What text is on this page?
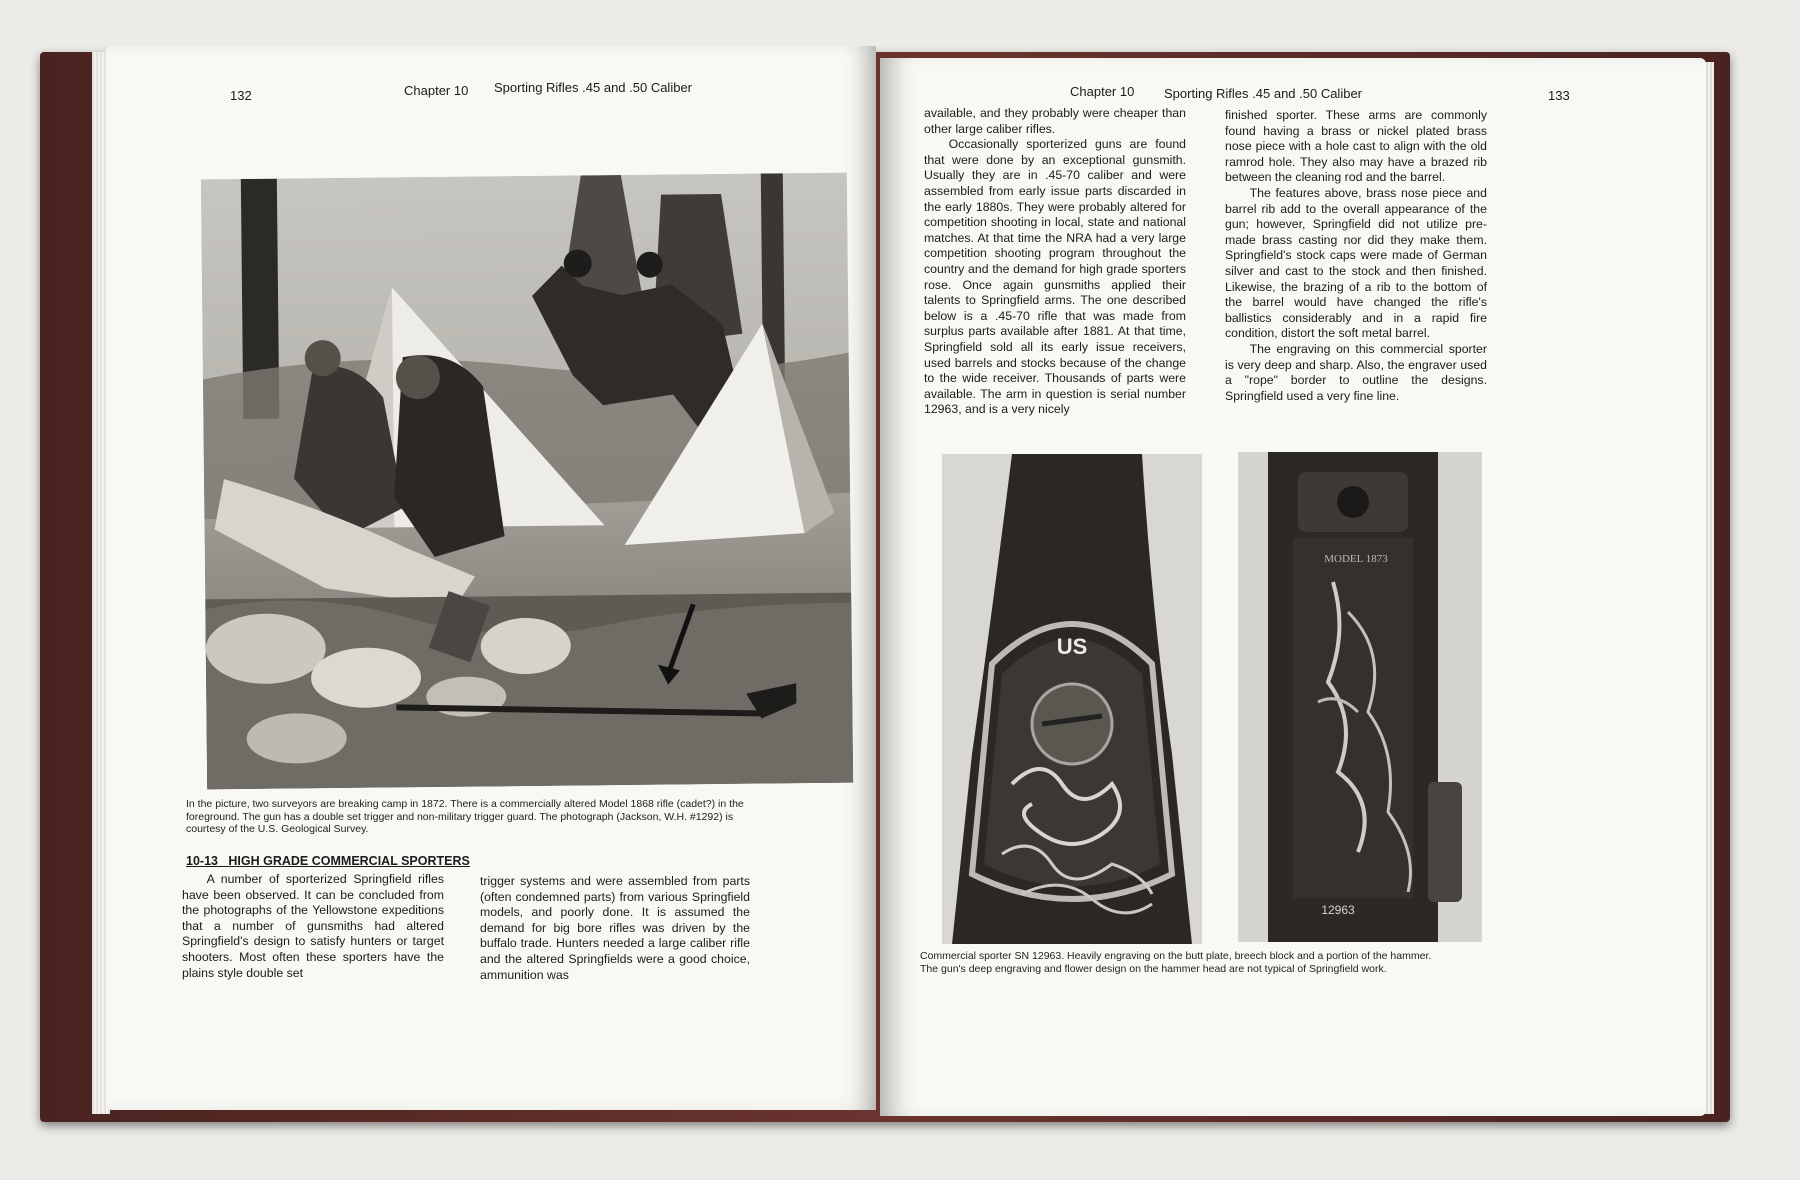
132	Chapter 10 Sporting Rifles .45 and .50 Caliber
In the picture, two surveyors are breaking camp in 1872. There is a commercially altered Model 1868 rifle (cadet?) in the
foreground. The gun has a double set trigger and non-military trigger guard. The photograph (Jackson, W.H. #1292) is
courtesy of the U.S. Geological Survey.
10-13 HIGH GRADE COMMERCIAL SPORTERS

A number of sporterized Springfield rifles have been observed. It can be concluded from the photographs of the Yellowstone expeditions that a number of gunsmiths had altered Springfield's design to satisfy hunters or target shooters. Most often these sporters have the plains style double set

trigger systems and were assembled from parts (often condemned parts) from various Springfield models, and poorly done. It is assumed the demand for big bore rifles was driven by the buffalo trade. Hunters needed a large caliber rifle and the altered Springfields were a good choice, ammunition was

Chapter 10 Sporting Rifles .45 and .50 Caliber	133

available, and they probably were cheaper than other large caliber rifles.

Occasionally sporterized guns are found that were done by an exceptional gunsmith. Usually they are in .45-70 caliber and were assembled from early issue parts discarded in the early 1880s. They were probably altered for competition shooting in local, state and national matches. At that time the NRA had a very large competition shooting program throughout the country and the demand for high grade sporters rose. Once again gunsmiths applied their talents to Springfield arms. The one described below is a .45-70 rifle that was made from surplus parts available after 1881. At that time, Springfield sold all its early issue receivers, used barrels and stocks because of the change to the wide receiver. Thousands of parts were available. The arm in question is serial number 12963, and is a very nicely

finished sporter. These arms are commonly found having a brass or nickel plated brass nose piece with a hole cast to align with the old ramrod hole. They also may have a brazed rib between the cleaning rod and the barrel.

The features above, brass nose piece and barrel rib add to the overall appearance of the gun; however, Springfield did not utilize pre-made brass casting nor did they make them. Springfield's stock caps were made of German silver and cast to the stock and then finished. Likewise, the brazing of a rib to the bottom of the barrel would have changed the rifle's ballistics considerably and in a rapid fire condition, distort the soft metal barrel.

The engraving on this commercial sporter is very deep and sharp. Also, the engraver used a "rope" border to outline the designs. Springfield used a very fine line.

US
MODEL 1873
12963
Commercial sporter SN 12963. Heavily engraving on the butt plate, breech block and a portion of the hammer.
The gun's deep engraving and flower design on the hammer head are not typical of Springfield work.
